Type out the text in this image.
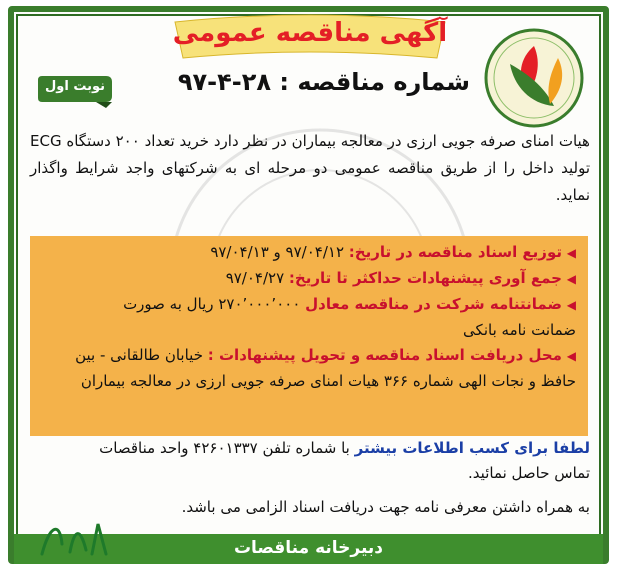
آگهی مناقصه عمومی
نوبت اول	شماره مناقصه : ۲۸-۴-۹۷
هیات امنای صرفه جویی ارزی در معالجه بیماران در نظر دارد خرید تعداد ۲۰۰ دستگاه ECG تولید داخل را از طریق مناقصه عمومی دو مرحله ای به شرکتهای واجد شرایط واگذار نماید.
◀ توزیع اسناد مناقصه در تاریخ: ۹۷/۰۴/۱۲ و ۹۷/۰۴/۱۳
◀ جمع آوری پیشنهادات حداکثر تا تاریخ: ۹۷/۰۴/۲۷
◀ ضمانتنامه شرکت در مناقصه معادل ۲۷۰٬۰۰۰٬۰۰۰ ریال به صورت
ضمانت نامه بانکی
◀ محل دریافت اسناد مناقصه و تحویل پیشنهادات : خیابان طالقانی - بین
حافظ و نجات الهی شماره ۳۶۶ هیات امنای صرفه جویی ارزی در معالجه بیماران
لطفا برای کسب اطلاعات بیشتر با شماره تلفن ۴۲۶۰۱۳۳۷ واحد مناقصات
تماس حاصل نمائید.
به همراه داشتن معرفی نامه جهت دریافت اسناد الزامی می باشد.
دبیرخانه مناقصات
